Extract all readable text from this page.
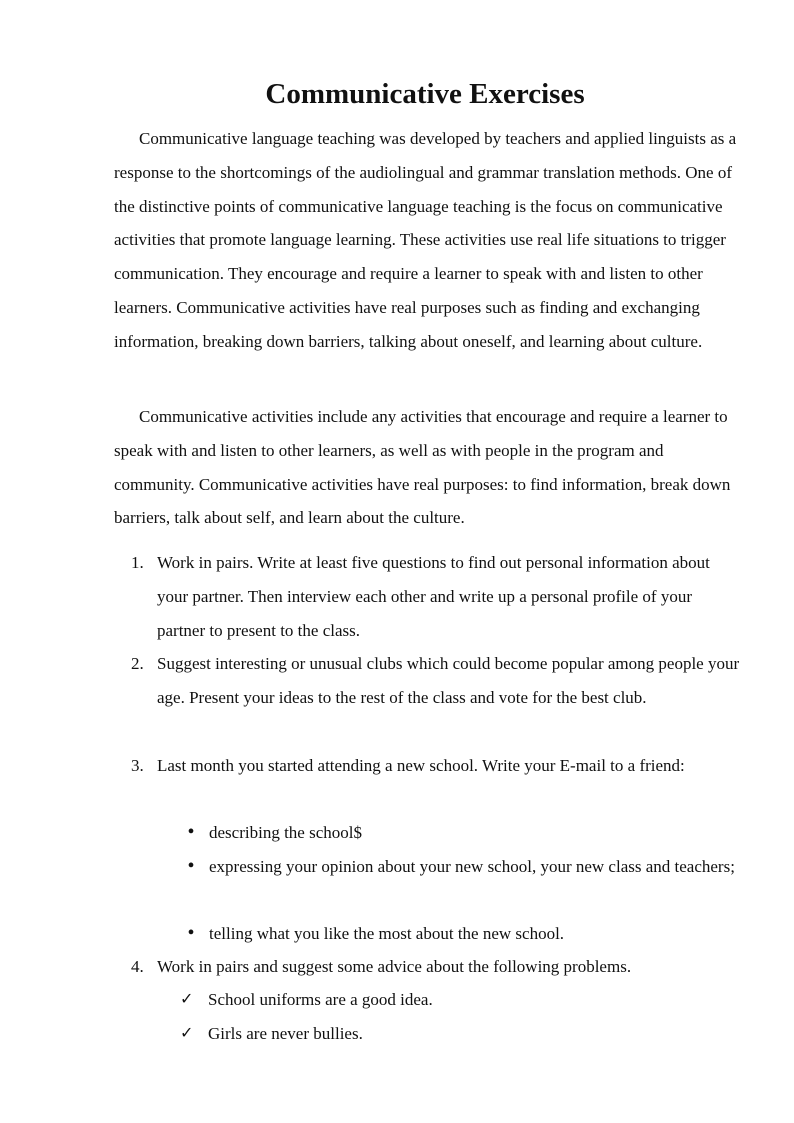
Communicative Exercises

Communicative language teaching was developed by teachers and applied linguists as a response to the shortcomings of the audiolingual and grammar translation methods. One of the distinctive points of communicative language teaching is the focus on communicative activities that promote language learning. These activities use real life situations to trigger communication. They encourage and require a learner to speak with and listen to other learners. Communicative activities have real purposes such as finding and exchanging information, breaking down barriers, talking about oneself, and learning about culture.

Communicative activities include any activities that encourage and require a learner to speak with and listen to other learners, as well as with people in the program and community. Communicative activities have real purposes: to find information, break down barriers, talk about self, and learn about the culture.

1. Work in pairs. Write at least five questions to find out personal information about your partner. Then interview each other and write up a personal profile of your partner to present to the class.
2. Suggest interesting or unusual clubs which could become popular among people your age. Present your ideas to the rest of the class and vote for the best club.
3. Last month you started attending a new school. Write your E-mail to a friend:
• describing the school$
• expressing your opinion about your new school, your new class and teachers;
• telling what you like the most about the new school.
4. Work in pairs and suggest some advice about the following problems.
✓ School uniforms are a good idea.
✓ Girls are never bullies.
